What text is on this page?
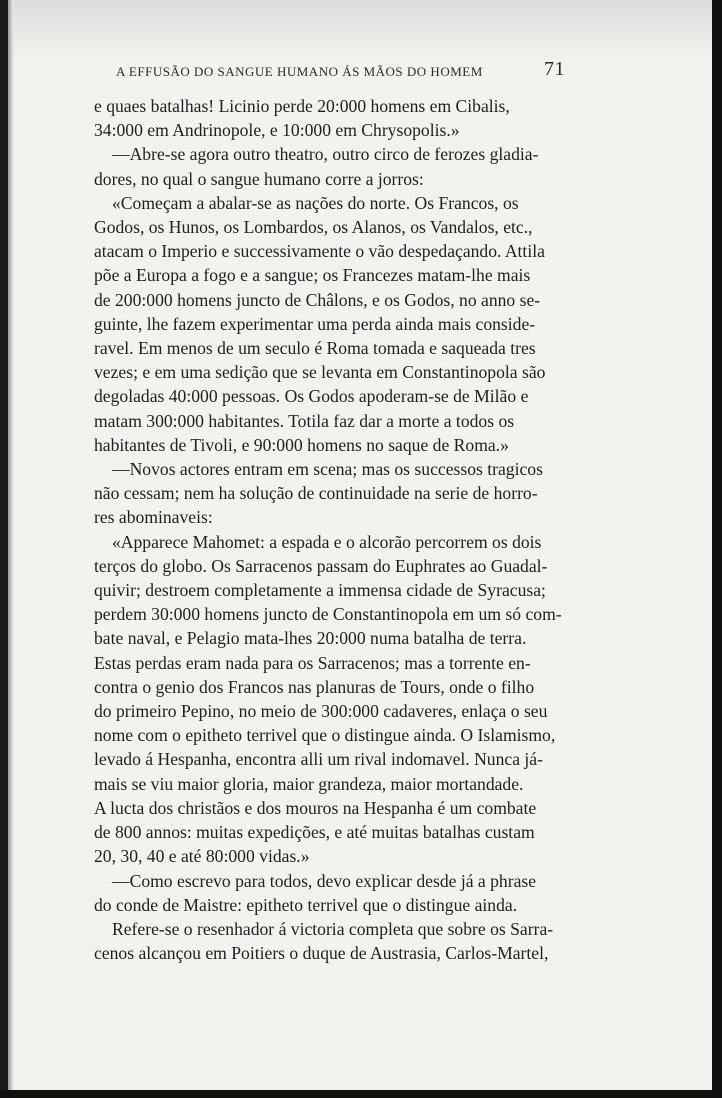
A EFFUSÃO DO SANGUE HUMANO ÁS MÃOS DO HOMEM	71
e quaes batalhas! Licinio perde 20:000 homens em Cibalis,
34:000 em Andrinopole, e 10:000 em Chrysopolis.»
—Abre-se agora outro theatro, outro circo de ferozes gladia-
dores, no qual o sangue humano corre a jorros:
«Começam a abalar-se as nações do norte. Os Francos, os
Godos, os Hunos, os Lombardos, os Alanos, os Vandalos, etc.,
atacam o Imperio e successivamente o vão despedaçando. Attila
põe a Europa a fogo e a sangue; os Francezes matam-lhe mais
de 200:000 homens juncto de Châlons, e os Godos, no anno se-
guinte, lhe fazem experimentar uma perda ainda mais conside-
ravel. Em menos de um seculo é Roma tomada e saqueada tres
vezes; e em uma sedição que se levanta em Constantinopola são
degoladas 40:000 pessoas. Os Godos apoderam-se de Milão e
matam 300:000 habitantes. Totila faz dar a morte a todos os
habitantes de Tivoli, e 90:000 homens no saque de Roma.»
—Novos actores entram em scena; mas os successos tragicos
não cessam; nem ha solução de continuidade na serie de horro-
res abominaveis:
«Apparece Mahomet: a espada e o alcorão percorrem os dois
terços do globo. Os Sarracenos passam do Euphrates ao Guadal-
quivir; destroem completamente a immensa cidade de Syracusa;
perdem 30:000 homens juncto de Constantinopola em um só com-
bate naval, e Pelagio mata-lhes 20:000 numa batalha de terra.
Estas perdas eram nada para os Sarracenos; mas a torrente en-
contra o genio dos Francos nas planuras de Tours, onde o filho
do primeiro Pepino, no meio de 300:000 cadaveres, enlaça o seu
nome com o epitheto terrivel que o distingue ainda. O Islamismo,
levado á Hespanha, encontra alli um rival indomavel. Nunca já-
mais se viu maior gloria, maior grandeza, maior mortandade.
A lucta dos christãos e dos mouros na Hespanha é um combate
de 800 annos: muitas expedições, e até muitas batalhas custam
20, 30, 40 e até 80:000 vidas.»
—Como escrevo para todos, devo explicar desde já a phrase
do conde de Maistre: epitheto terrivel que o distingue ainda.
Refere-se o resenhador á victoria completa que sobre os Sarra-
cenos alcançou em Poitiers o duque de Austrasia, Carlos-Martel,
